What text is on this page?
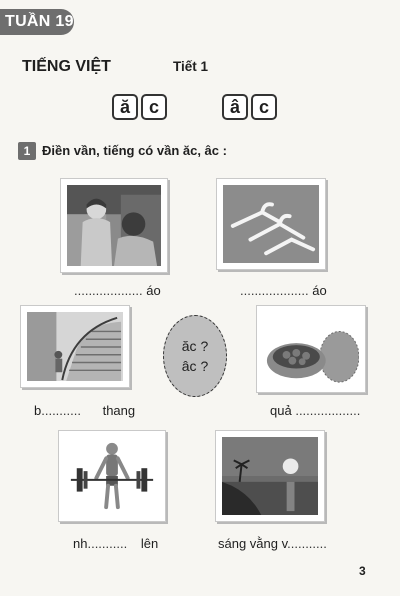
TUẦN 19
TIẾNG VIỆT	Tiết 1
ă	c	â	c
1 Điền vần, tiếng có vần ăc, âc :
ăc ?
âc ?
................... áo	................... áo
b........... thang	quả ..................
nh........... lên	sáng vằng v...........
3
